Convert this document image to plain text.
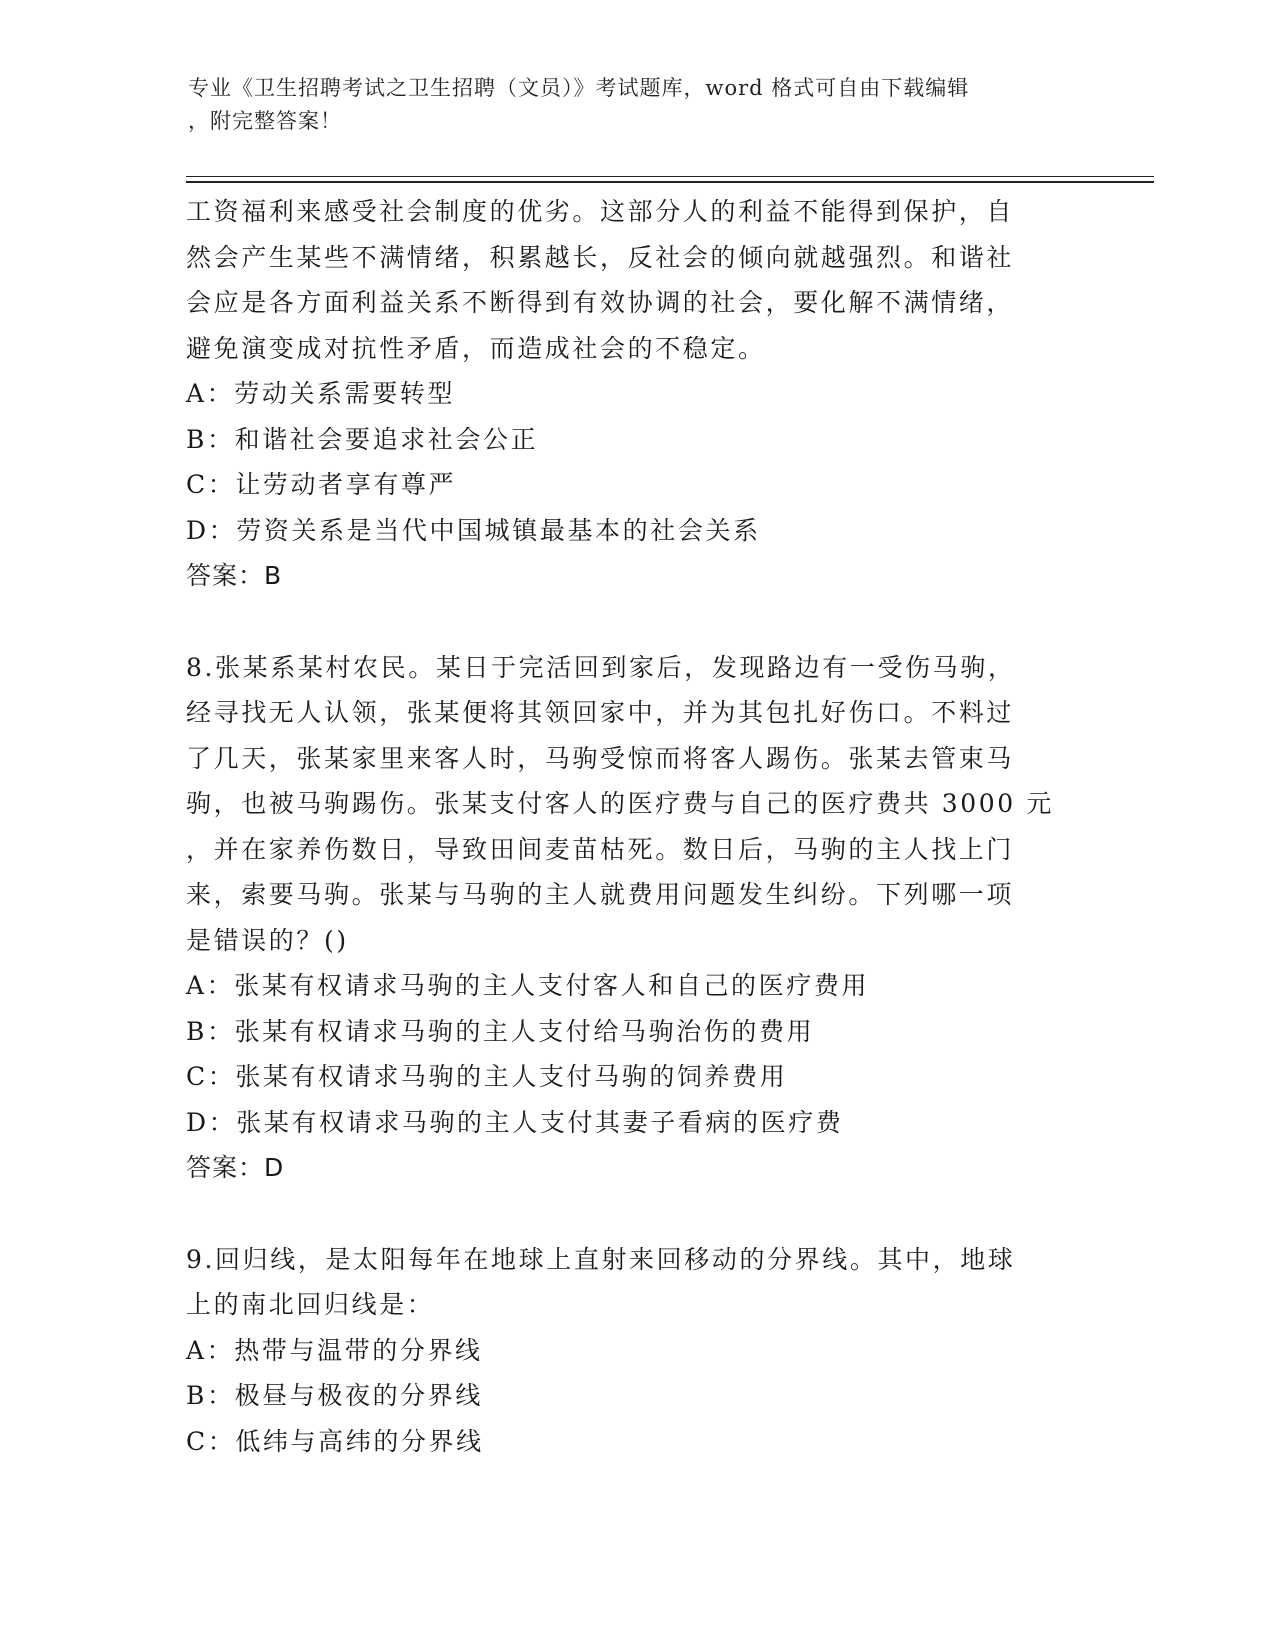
专业《卫生招聘考试之卫生招聘（文员）》考试题库，word 格式可自由下载编辑
，附完整答案！
工资福利来感受社会制度的优劣。这部分人的利益不能得到保护，自
然会产生某些不满情绪，积累越长，反社会的倾向就越强烈。和谐社
会应是各方面利益关系不断得到有效协调的社会，要化解不满情绪，
避免演变成对抗性矛盾，而造成社会的不稳定。
A：劳动关系需要转型
B：和谐社会要追求社会公正
C：让劳动者享有尊严
D：劳资关系是当代中国城镇最基本的社会关系
答案：B
8.张某系某村农民。某日于完活回到家后，发现路边有一受伤马驹，
经寻找无人认领，张某便将其领回家中，并为其包扎好伤口。不料过
了几天，张某家里来客人时，马驹受惊而将客人踢伤。张某去管束马
驹，也被马驹踢伤。张某支付客人的医疗费与自己的医疗费共 3000 元
，并在家养伤数日，导致田间麦苗枯死。数日后，马驹的主人找上门
来，索要马驹。张某与马驹的主人就费用问题发生纠纷。下列哪一项
是错误的？()
A：张某有权请求马驹的主人支付客人和自己的医疗费用
B：张某有权请求马驹的主人支付给马驹治伤的费用
C：张某有权请求马驹的主人支付马驹的饲养费用
D：张某有权请求马驹的主人支付其妻子看病的医疗费
答案：D
9.回归线，是太阳每年在地球上直射来回移动的分界线。其中，地球
上的南北回归线是：
A：热带与温带的分界线
B：极昼与极夜的分界线
C：低纬与高纬的分界线
